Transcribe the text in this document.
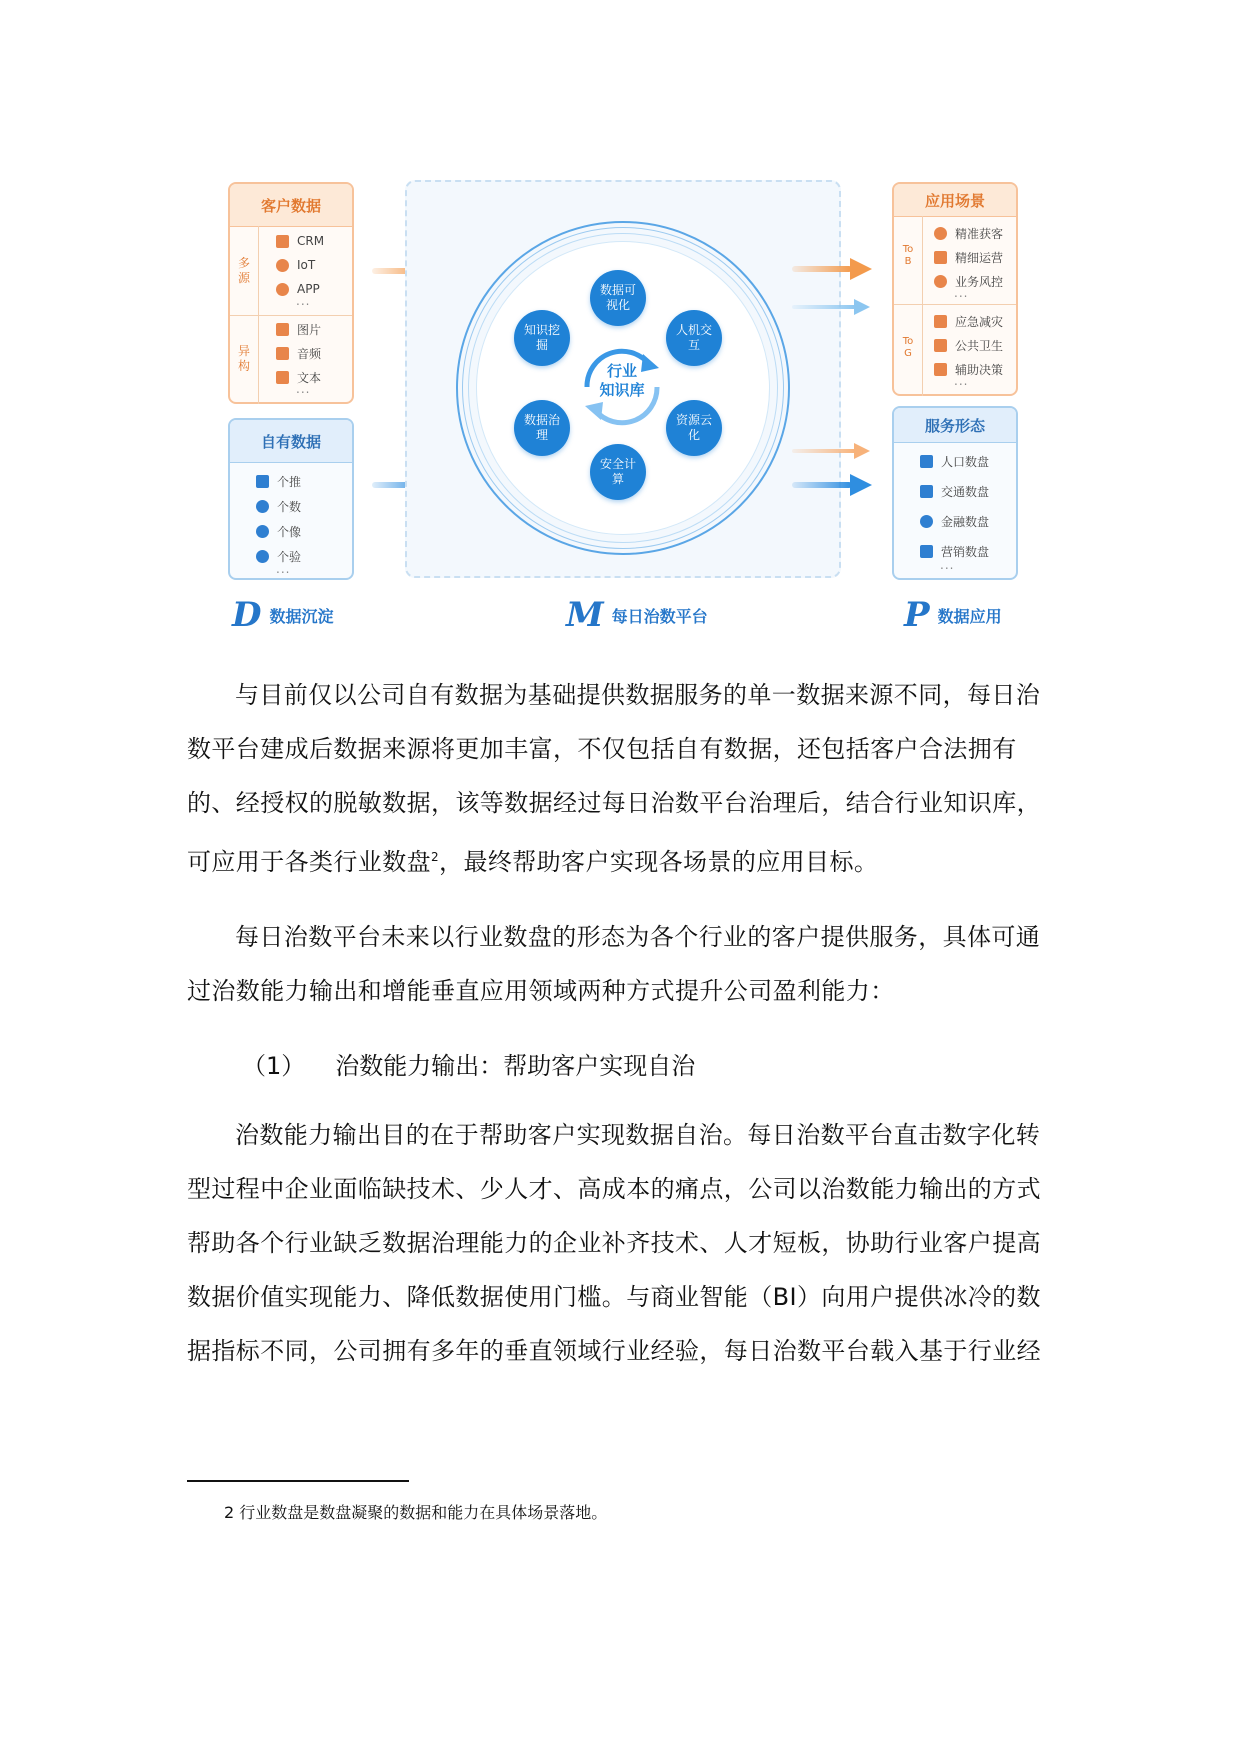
客户数据
多源
异构
CRM
IoT
APP
...
图片
音频
文本
...
自有数据
个推
个数
个像
个验
...
行业
知识库
数据可视化
人机交互
资源云化
安全计算
数据治理
知识挖掘
应用场景
To B
To G
精准获客
精细运营
业务风控
...
应急减灾
公共卫生
辅助决策
...
服务形态
人口数盘
交通数盘
金融数盘
营销数盘
...
D 数据沉淀	M 每日治数平台	P 数据应用
与目前仅以公司自有数据为基础提供数据服务的单一数据来源不同，每日治数平台建成后数据来源将更加丰富，不仅包括自有数据，还包括客户合法拥有的、经授权的脱敏数据，该等数据经过每日治数平台治理后，结合行业知识库，可应用于各类行业数盘$^2$，最终帮助客户实现各场景的应用目标。
每日治数平台未来以行业数盘的形态为各个行业的客户提供服务，具体可通过治数能力输出和增能垂直应用领域两种方式提升公司盈利能力：
（1） 治数能力输出：帮助客户实现自治
治数能力输出目的在于帮助客户实现数据自治。每日治数平台直击数字化转型过程中企业面临缺技术、少人才、高成本的痛点，公司以治数能力输出的方式帮助各个行业缺乏数据治理能力的企业补齐技术、人才短板，协助行业客户提高数据价值实现能力、降低数据使用门槛。与商业智能（BI）向用户提供冰冷的数据指标不同，公司拥有多年的垂直领域行业经验，每日治数平台载入基于行业经
2 行业数盘是数盘凝聚的数据和能力在具体场景落地。
